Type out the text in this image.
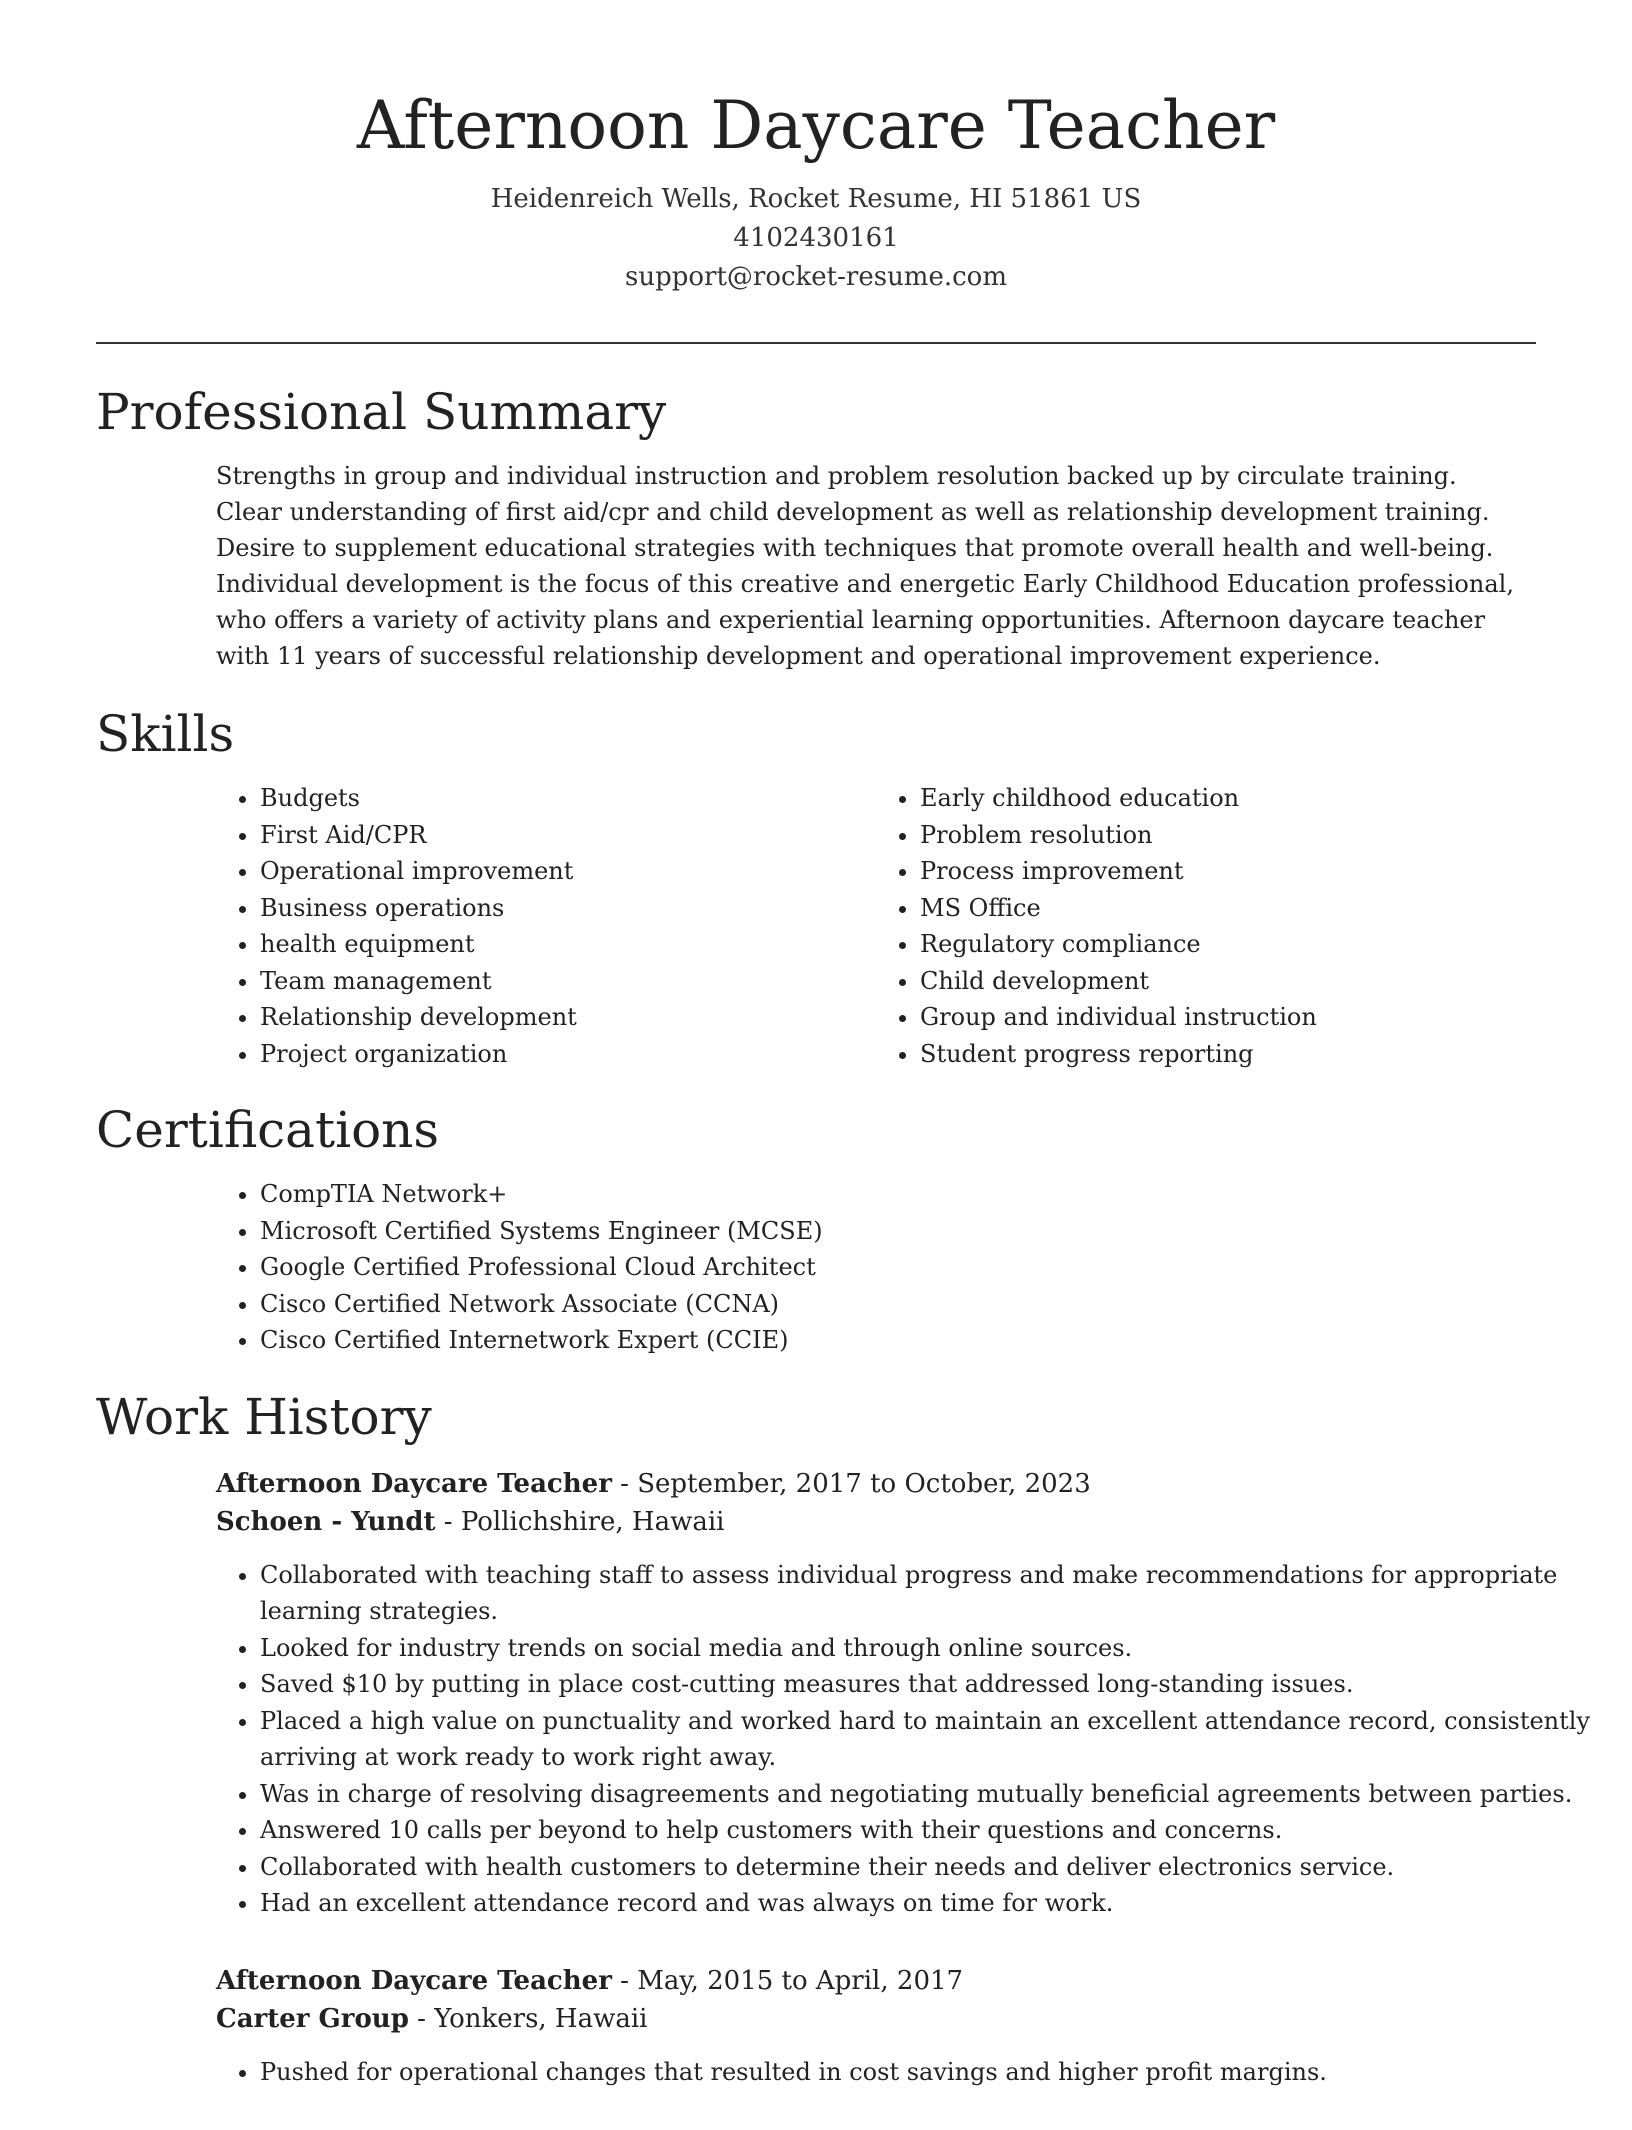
Afternoon Daycare Teacher
Heidenreich Wells, Rocket Resume, HI 51861 US
4102430161
support@rocket-resume.com
Professional Summary

Strengths in group and individual instruction and problem resolution backed up by circulate training. Clear understanding of first aid/cpr and child development as well as relationship development training. Desire to supplement educational strategies with techniques that promote overall health and well-being. Individual development is the focus of this creative and energetic Early Childhood Education professional, who offers a variety of activity plans and experiential learning opportunities. Afternoon daycare teacher with 11 years of successful relationship development and operational improvement experience.

Skills
• Budgets
• First Aid/CPR
• Operational improvement
• Business operations
• health equipment
• Team management
• Relationship development
• Project organization
• Early childhood education
• Problem resolution
• Process improvement
• MS Office
• Regulatory compliance
• Child development
• Group and individual instruction
• Student progress reporting
Certifications
• CompTIA Network+
• Microsoft Certified Systems Engineer (MCSE)
• Google Certified Professional Cloud Architect
• Cisco Certified Network Associate (CCNA)
• Cisco Certified Internetwork Expert (CCIE)
Work History
Afternoon Daycare Teacher - September, 2017 to October, 2023
Schoen - Yundt - Pollichshire, Hawaii
• Collaborated with teaching staff to assess individual progress and make recommendations for appropriate learning strategies.
• Looked for industry trends on social media and through online sources.
• Saved $10 by putting in place cost-cutting measures that addressed long-standing issues.
• Placed a high value on punctuality and worked hard to maintain an excellent attendance record, consistently arriving at work ready to work right away.
• Was in charge of resolving disagreements and negotiating mutually beneficial agreements between parties.
• Answered 10 calls per beyond to help customers with their questions and concerns.
• Collaborated with health customers to determine their needs and deliver electronics service.
• Had an excellent attendance record and was always on time for work.
Afternoon Daycare Teacher - May, 2015 to April, 2017
Carter Group - Yonkers, Hawaii
• Pushed for operational changes that resulted in cost savings and higher profit margins.
